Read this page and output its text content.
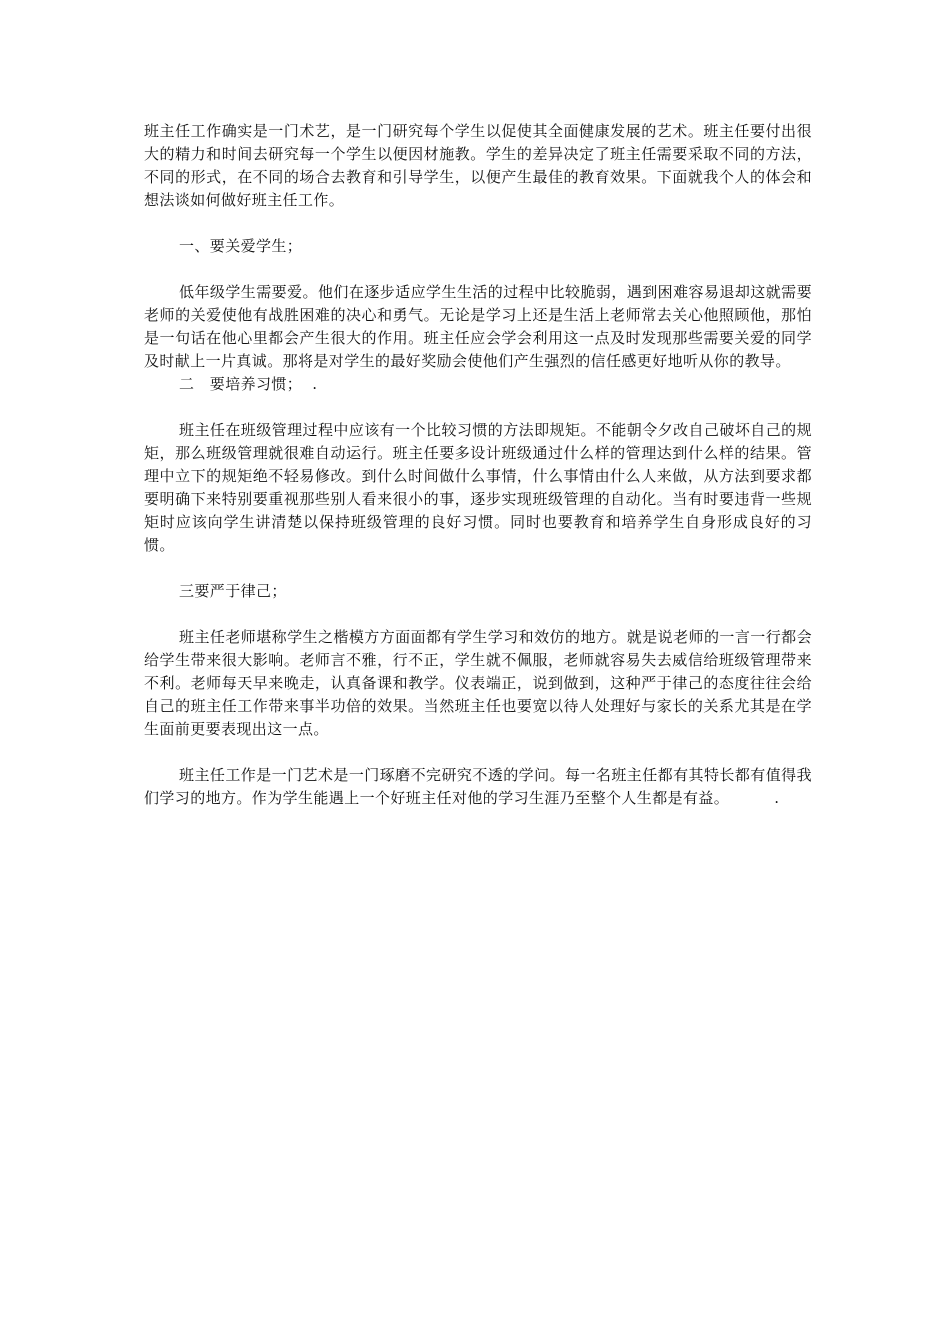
班主任工作确实是一门术艺，是一门研究每个学生以促使其全面健康发展的艺术。班主任要付出很大的精力和时间去研究每一个学生以便因材施教。学生的差异决定了班主任需要采取不同的方法，不同的形式，在不同的场合去教育和引导学生，以便产生最佳的教育效果。下面就我个人的体会和想法谈如何做好班主任工作。

一、要关爱学生；

低年级学生需要爱。他们在逐步适应学生生活的过程中比较脆弱，遇到困难容易退却这就需要老师的关爱使他有战胜困难的决心和勇气。无论是学习上还是生活上老师常去关心他照顾他，那怕是一句话在他心里都会产生很大的作用。班主任应会学会利用这一点及时发现那些需要关爱的同学及时献上一片真诚。那将是对学生的最好奖励会使他们产生强烈的信任感更好地听从你的教导。

二　要培养习惯； .

班主任在班级管理过程中应该有一个比较习惯的方法即规矩。不能朝令夕改自己破坏自己的规矩，那么班级管理就很难自动运行。班主任要多设计班级通过什么样的管理达到什么样的结果。管理中立下的规矩绝不轻易修改。到什么时间做什么事情，什么事情由什么人来做，从方法到要求都要明确下来特别要重视那些别人看来很小的事，逐步实现班级管理的自动化。当有时要违背一些规矩时应该向学生讲清楚以保持班级管理的良好习惯。同时也要教育和培养学生自身形成良好的习惯。

三要严于律己；

班主任老师堪称学生之楷模方方面面都有学生学习和效仿的地方。就是说老师的一言一行都会给学生带来很大影响。老师言不雅，行不正，学生就不佩服，老师就容易失去威信给班级管理带来不利。老师每天早来晚走，认真备课和教学。仪表端正，说到做到，这种严于律己的态度往往会给自己的班主任工作带来事半功倍的效果。当然班主任也要宽以待人处理好与家长的关系尤其是在学生面前更要表现出这一点。

班主任工作是一门艺术是一门琢磨不完研究不透的学问。每一名班主任都有其特长都有值得我们学习的地方。作为学生能遇上一个好班主任对他的学习生涯乃至整个人生都是有益。	.
